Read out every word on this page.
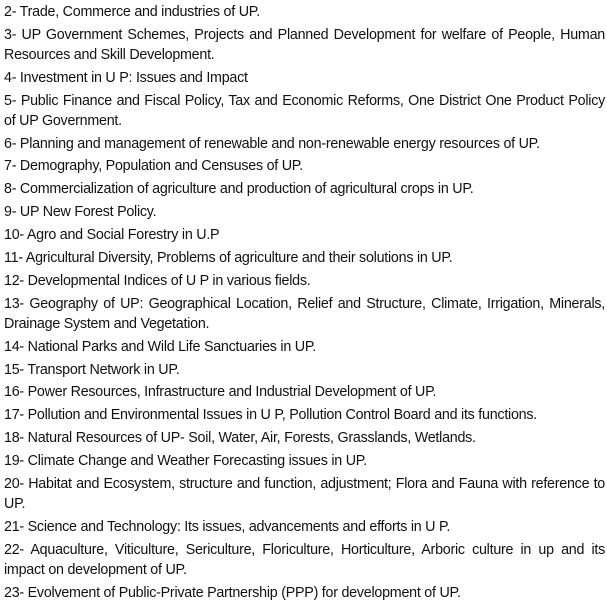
2- Trade, Commerce and industries of UP.
3- UP Government Schemes, Projects and Planned Development for welfare of People, Human Resources and Skill Development.
4- Investment in U P: Issues and Impact
5- Public Finance and Fiscal Policy, Tax and Economic Reforms, One District One Product Policy of UP Government.
6- Planning and management of renewable and non-renewable energy resources of UP.
7- Demography, Population and Censuses of UP.
8- Commercialization of agriculture and production of agricultural crops in UP.
9- UP New Forest Policy.
10- Agro and Social Forestry in U.P
11- Agricultural Diversity, Problems of agriculture and their solutions in UP.
12- Developmental Indices of U P in various fields.
13- Geography of UP: Geographical Location, Relief and Structure, Climate, Irrigation, Minerals, Drainage System and Vegetation.
14- National Parks and Wild Life Sanctuaries in UP.
15- Transport Network in UP.
16- Power Resources, Infrastructure and Industrial Development of UP.
17- Pollution and Environmental Issues in U P, Pollution Control Board and its functions.
18- Natural Resources of UP- Soil, Water, Air, Forests, Grasslands, Wetlands.
19- Climate Change and Weather Forecasting issues in UP.
20- Habitat and Ecosystem, structure and function, adjustment; Flora and Fauna with reference to UP.
21- Science and Technology: Its issues, advancements and efforts in U P.
22- Aquaculture, Viticulture, Sericulture, Floriculture, Horticulture, Arboric culture in up and its impact on development of UP.
23- Evolvement of Public-Private Partnership (PPP) for development of UP.
